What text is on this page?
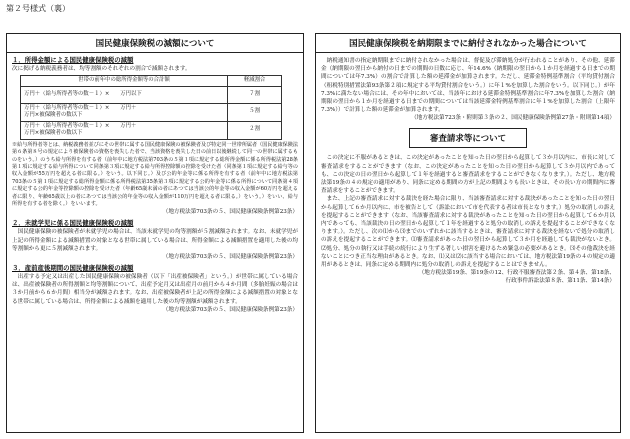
第２号様式（裏）
国民健康保険税の減額について
１．所得金額による国民健康保険税の減額

次に掲げる納税義務者は、均等割額のそれぞれの割合で減額されます。

世帯の前年中の総所得金額等の合計額	軽減割合

万円＋（給与所得者等の数－１）×　　万円以下	７割

万円＋（給与所得者等の数－１）×　　万円＋
万円×被保険者の数以下	５割

万円＋（給与所得者等の数－１）×　　万円＋
万円×被保険者の数以下	２割

※給与所得者等とは、納税義務者並びにその世帯に属する国民健康保険の被保険者及び特定同一世帯所属者（国民健康保険法第６条第８号の規定により被保険者の資格を喪失した者で、当該資格を喪失した日の前日以後継続して同一の世帯に属するものをいう。）のうち給与所得を有する者（前年中に地方税法第703条の５第１項に規定する総所得金額に係る所得税法第28条第１項に規定する給与所得について同条第３項に規定する給与所得控除額の控除を受けた者（同条第１項に規定する給与等の収入金額が55万円を超える者に限る。）をいう。以下同じ。）及び公的年金等に係る所得を有する者（前年中に地方税法第703条の５第１項に規定する総所得金額に係る所得税法第35条第３項に規定する公的年金等に係る所得について同条第４項に規定する公的年金等控除額の控除を受けた者（年齢65歳未満の者にあつては当該公的年金等の収入金額が60万円を超える者に限り、年齢65歳以上の者にあつては当該公的年金等の収入金額が110万円を超える者に限る。）をいう。）をいい、給与所得を有する者を除く。）をいいます。

（地方税法第703条の５、国民健康保険条例第23条）
２．未就学児に係る国民健康保険税の減額

国民健康保険の被保険者が未就学児の場合は、当該未就学児の均等割額が５割減額されます。なお、未就学児が上記の所得金額による減額措置の対象となる世帯に属している場合は、所得金額による減額措置を適用した後の均等割額から更に５割減額されます。

（地方税法第703条の５、国民健康保険条例第23条）
３．産前産後期間の国民健康保険税の減額

出産する予定又は出産した国民健康保険の被保険者（以下「出産被保険者」という。）が世帯に属している場合は、出産被保険者の所得割額と均等割額について、出産予定月又は出産月の前月から４か月間（多胎妊娠の場合は３か月前から６か月間）相当分が減額されます。なお、出産被保険者が上記の所得金額による減額措置の対象となる世帯に属している場合は、所得金額による減額を適用した後の均等割額が減額されます。

（地方税法第703条の５、国民健康保険条例第23条）
国民健康保険税を納期限までに納付されなかった場合について

納税通知書の指定納期限までに納付されなかった場合は、督促及び滞納処分が行われることがあり、その他、延滞金（納期限の翌日から納付の日までの期間の日数に応じ、年14.6%（納期限の翌日から１か月を経過する日までの期間については年7.3%）の割合で計算した額の延滞金が加算されます。ただし、延滞金特例基準割合（平均貸付割合（租税特別措置法第93条第２項に規定する平均貸付割合をいう。）に年１%を加算した割合をいう。以下同じ。）が年7.3%に満たない場合には、その年中においては、当該年における延滞金特例基準割合に年7.3%を加算した割合（納期限の翌日から１か月を経過する日までの期間については当該延滞金特例基準割合に年１%を加算した割合（上限年7.3%））で計算した額の延滞金が加算されます。

（地方税法第723条・附則第３条の２、国民健康保険条例第27条・附則第14項）
審査請求等について

この決定に不服があるときは、この決定があったことを知った日の翌日から起算して３か月以内に、市長に対して審査請求をすることができます（なお、この決定があったことを知った日の翌日から起算して３か月以内であっても、この決定の日の翌日から起算して１年を経過すると審査請求をすることができなくなります。）。ただし、地方税法第19条の４の規定の適用があり、同条に定める期間の方が上記の期間よりも長いときは、その長い方の期間内に審査請求をすることができます。

また、上記の審査請求に対する裁決を経た場合に限り、当該審査請求に対する裁決があったことを知った日の翌日から起算して６か月以内に、市を被告として（訴訟において市を代表する者は市長となります。）処分の取消しの訴えを提起することができます（なお、当該審査請求に対する裁決があったことを知った日の翌日から起算して６か月以内であっても、当該裁決の日の翌日から起算して１年を経過すると処分の取消しの訴えを提起することができなくなります。）。ただし、次の⑴から⑶までのいずれかに該当するときは、審査請求に対する裁決を経ないで処分の取消しの訴えを提起することができます。⑴審査請求があった日の翌日から起算して３か月を経過しても裁決がないとき。⑵処分、処分の執行又は手続の続行により生ずる著しい損害を避けるため緊急の必要があるとき。⑶その他裁決を経ないことにつき正当な理由があるとき。なお、⑴又は⑵に該当する場合においては、地方税法第19条の４の規定の適用があるときは、同条に定める期間内に処分の取消しの訴えを提起することはできません。

（地方税法第19条、第19条の12、行政不服審査法第２条、第４条、第18条、
行政事件訴訟法第８条、第11条、第14条）
